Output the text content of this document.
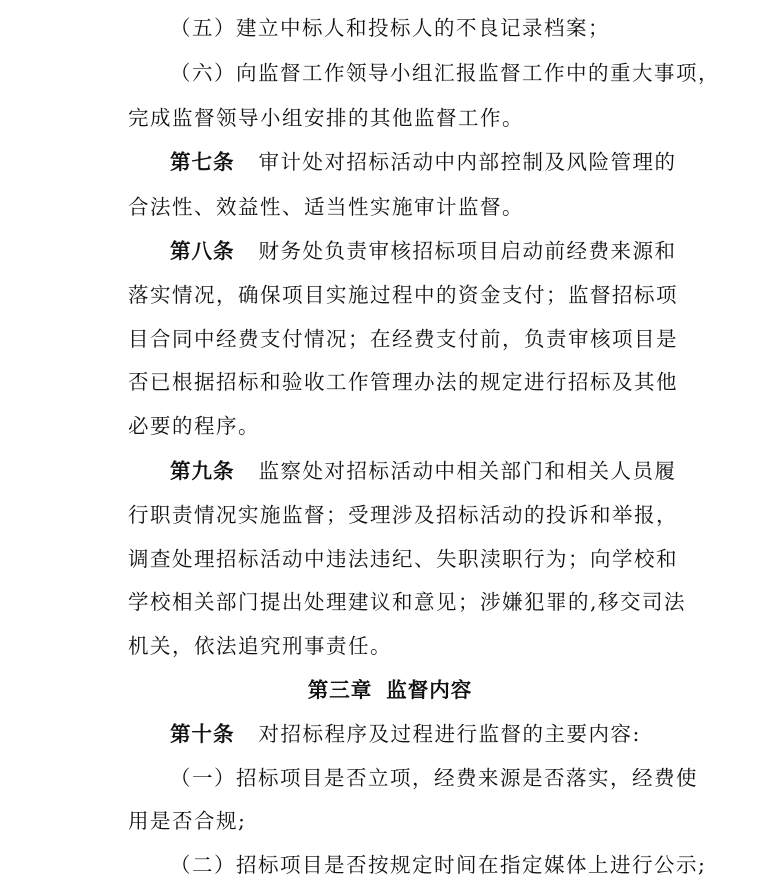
（五）建立中标人和投标人的不良记录档案；
（六）向监督工作领导小组汇报监督工作中的重大事项，
完成监督领导小组安排的其他监督工作。
第七条 审计处对招标活动中内部控制及风险管理的
合法性、效益性、适当性实施审计监督。
第八条 财务处负责审核招标项目启动前经费来源和
落实情况，确保项目实施过程中的资金支付；监督招标项
目合同中经费支付情况；在经费支付前，负责审核项目是
否已根据招标和验收工作管理办法的规定进行招标及其他
必要的程序。
第九条 监察处对招标活动中相关部门和相关人员履
行职责情况实施监督；受理涉及招标活动的投诉和举报，
调查处理招标活动中违法违纪、失职渎职行为；向学校和
学校相关部门提出处理建议和意见；涉嫌犯罪的,移交司法
机关，依法追究刑事责任。
第三章 监督内容
第十条 对招标程序及过程进行监督的主要内容:
（一）招标项目是否立项，经费来源是否落实，经费使
用是否合规;
（二）招标项目是否按规定时间在指定媒体上进行公示;
